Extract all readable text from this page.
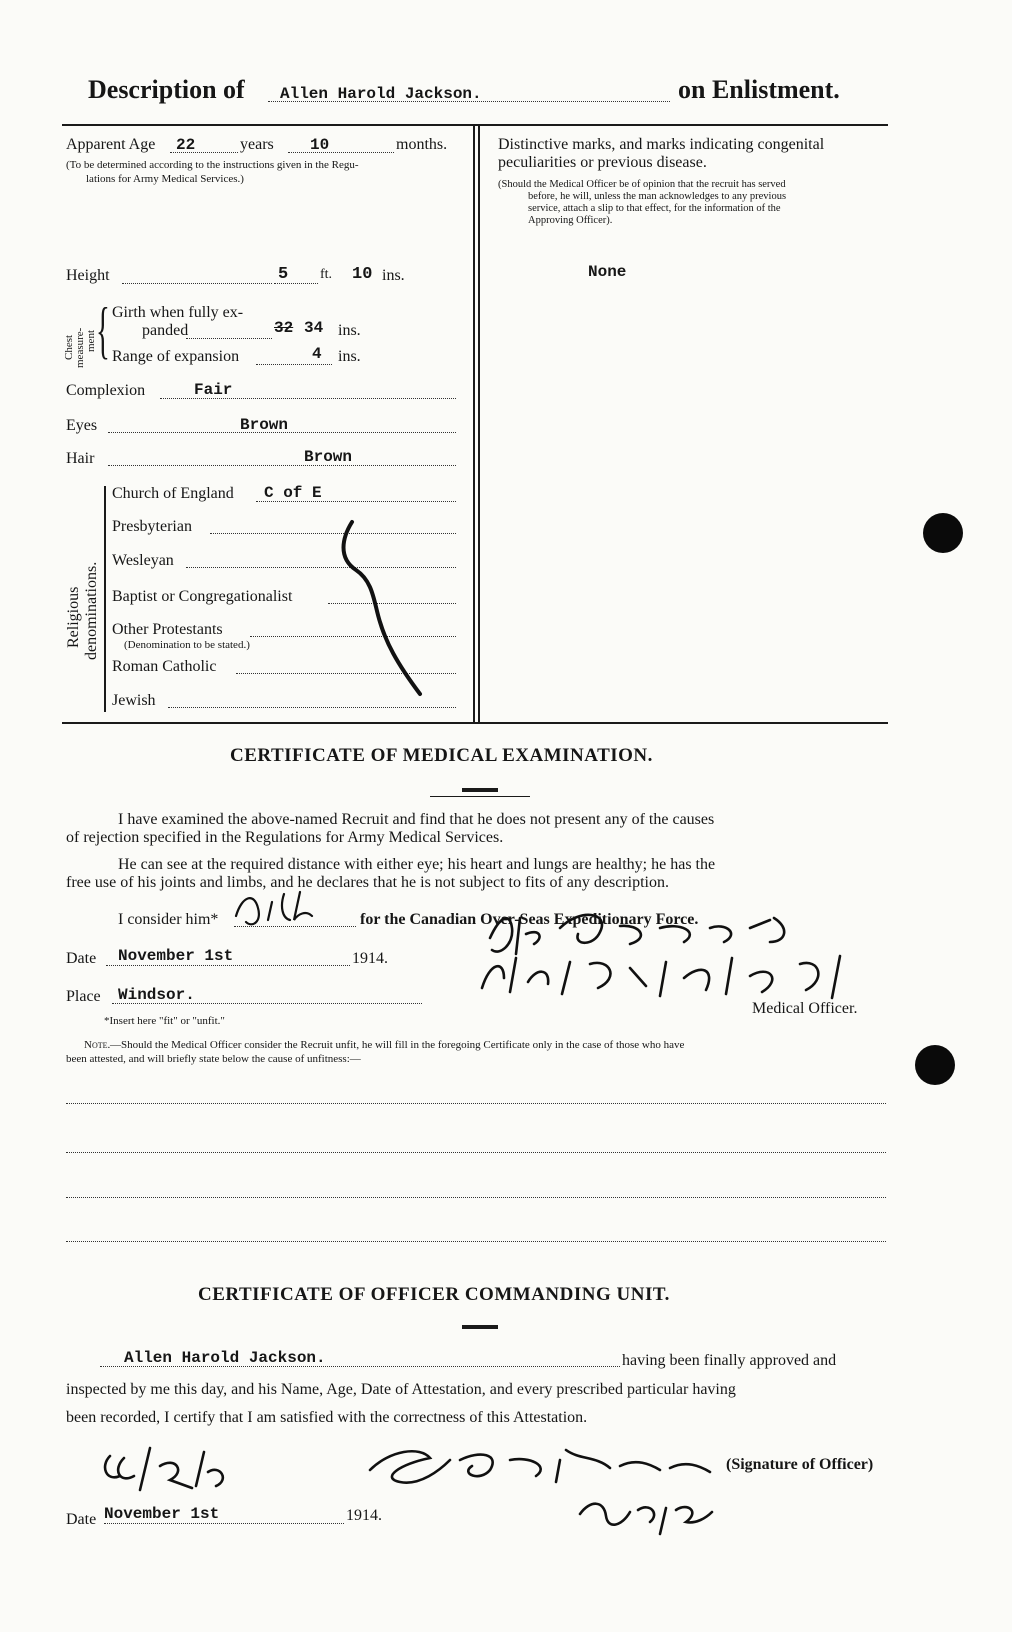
Description of Allen Harold Jackson.	on Enlistment.
Apparent Age 22	years 10	months.
(To be determined according to the instructions given in the Regu-
lations for Army Medical Services.)
Height	5 ft. 10 ins.
Chest measure- ment { Girth when fully ex-
panded	32 34 ins.
Range of expansion	4 ins.
Complexion	Fair
Eyes	Brown
Hair	Brown
Religious denominations.
Church of England C of E
Presbyterian
Wesleyan
Baptist or Congregationalist
Other Protestants
(Denomination to be stated.)
Roman Catholic
Jewish
Distinctive marks, and marks indicating congenital
peculiarities or previous disease.
(Should the Medical Officer be of opinion that the recruit has served
before, he will, unless the man acknowledges to any previous
service, attach a slip to that effect, for the information of the
Approving Officer).
None
CERTIFICATE OF MEDICAL EXAMINATION.
I have examined the above-named Recruit and find that he does not present any of the causes
of rejection specified in the Regulations for Army Medical Services.
He can see at the required distance with either eye; his heart and lungs are healthy; he has the
free use of his joints and limbs, and he declares that he is not subject to fits of any description.
I consider him*	for the Canadian Over-Seas Expeditionary Force.
Date November 1st	1914.
Place Windsor.
*Insert here "fit" or "unfit."
Medical Officer.
Note. —Should the Medical Officer consider the Recruit unfit, he will fill in the foregoing Certificate only in the case of those who have
been attested, and will briefly state below the cause of unfitness:—
CERTIFICATE OF OFFICER COMMANDING UNIT.
Allen Harold Jackson.	having been finally approved and
inspected by me this day, and his Name, Age, Date of Attestation, and every prescribed particular having
been recorded, I certify that I am satisfied with the correctness of this Attestation.
(Signature of Officer)
Date November 1st	1914.
